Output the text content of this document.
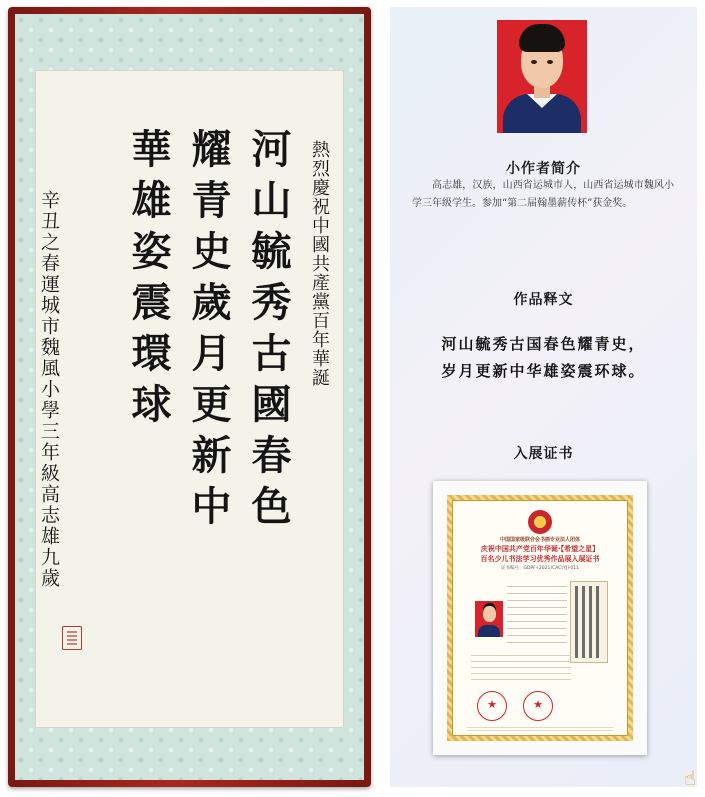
河山毓秀古國春色
耀青史歲月更新中
華雄姿震環球	熱烈慶祝中國共產黨百年華誕
辛丑之春運城市魏風小學三年級高志雄九歲
小作者简介
高志雄，汉族，山西省运城市人，山西省运城市魏风小学三年级学生。参加“第二届翰墨薪传杯”获金奖。
作品释文
河山毓秀古国春色耀青史，
岁月更新中华雄姿震环球。
入展证书
中国国家级联合会书画专业法人团体
庆祝中国共产党百年华诞·【希望之星】
百名少儿书法学习优秀作品展入展证书
证书编号：GDPF·(2021)CAC(YJ)·011
★
★
☝
